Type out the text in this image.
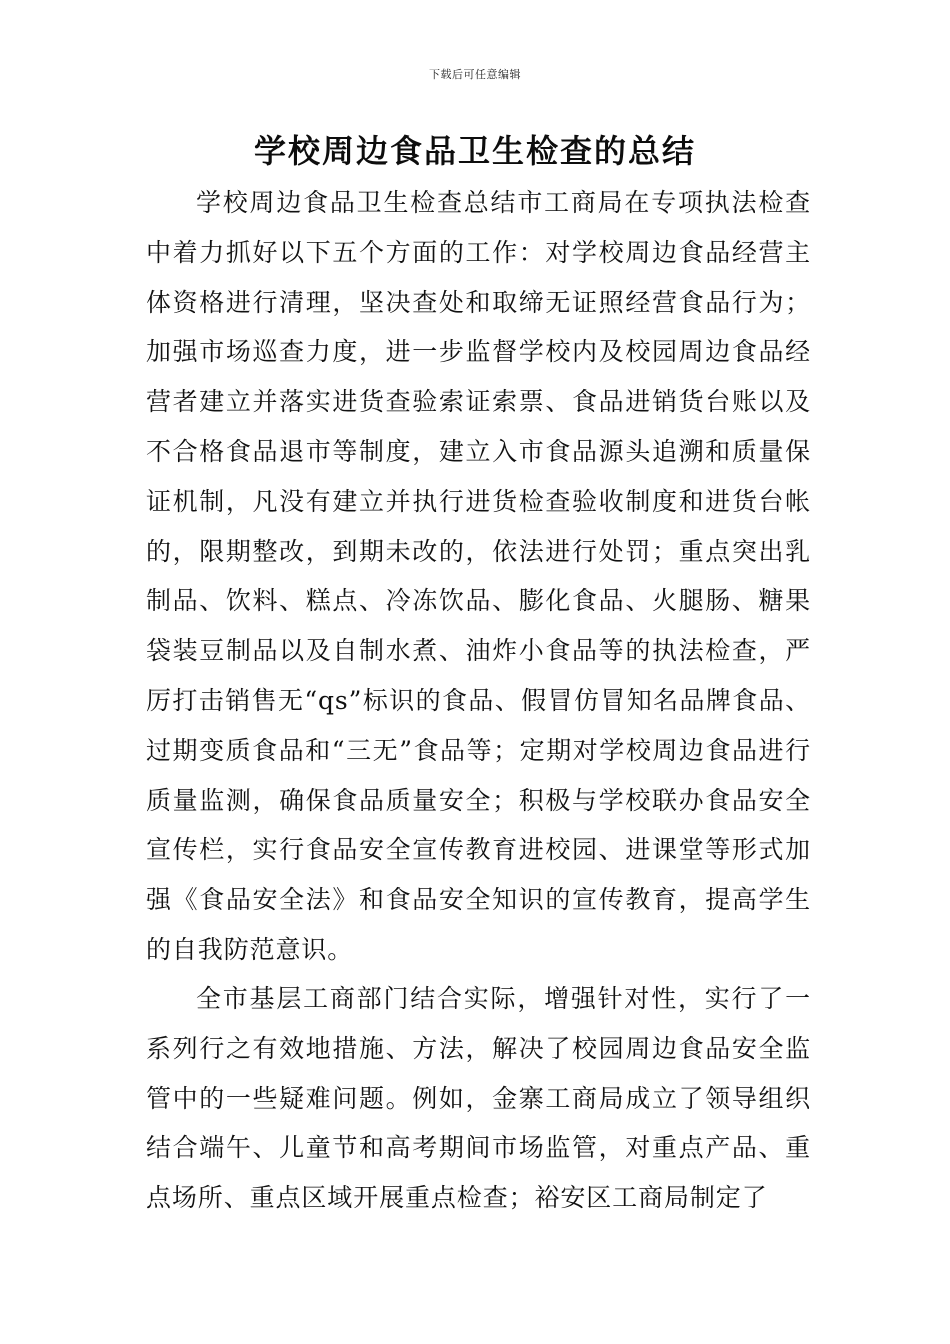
下载后可任意编辑
学校周边食品卫生检查的总结

学校周边食品卫生检查总结市工商局在专项执法检查中着力抓好以下五个方面的工作：对学校周边食品经营主体资格进行清理，坚决查处和取缔无证照经营食品行为；加强市场巡查力度，进一步监督学校内及校园周边食品经营者建立并落实进货查验索证索票、食品进销货台账以及不合格食品退市等制度，建立入市食品源头追溯和质量保证机制，凡没有建立并执行进货检查验收制度和进货台帐的，限期整改，到期未改的，依法进行处罚；重点突出乳制品、饮料、糕点、冷冻饮品、膨化食品、火腿肠、糖果袋装豆制品以及自制水煮、油炸小食品等的执法检查，严厉打击销售无“qs”标识的食品、假冒仿冒知名品牌食品、过期变质食品和“三无”食品等；定期对学校周边食品进行质量监测，确保食品质量安全；积极与学校联办食品安全宣传栏，实行食品安全宣传教育进校园、进课堂等形式加强《食品安全法》和食品安全知识的宣传教育，提高学生的自我防范意识。

全市基层工商部门结合实际，增强针对性，实行了一系列行之有效地措施、方法，解决了校园周边食品安全监管中的一些疑难问题。例如，金寨工商局成立了领导组织结合端午、儿童节和高考期间市场监管，对重点产品、重点场所、重点区域开展重点检查；裕安区工商局制定了
